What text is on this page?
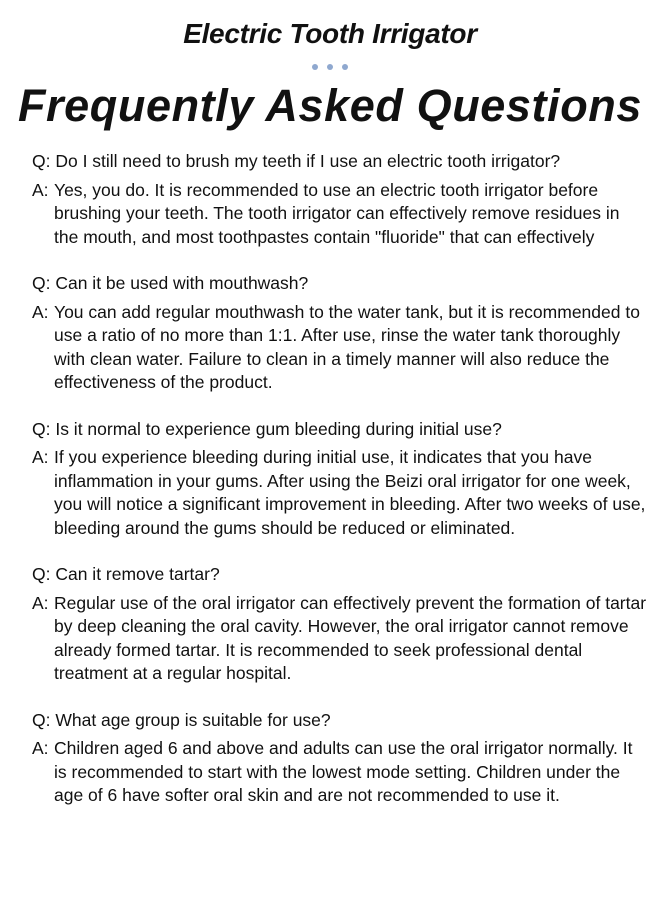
Electric Tooth Irrigator
Frequently Asked Questions

Q: Do I still need to brush my teeth if I use an electric tooth irrigator?

A: Yes, you do. It is recommended to use an electric tooth irrigator before brushing your teeth. The tooth irrigator can effectively remove residues in the mouth, and most toothpastes contain "fluoride" that can effectively

Q: Can it be used with mouthwash?

A: You can add regular mouthwash to the water tank, but it is recommended to use a ratio of no more than 1:1. After use, rinse the water tank thoroughly with clean water. Failure to clean in a timely manner will also reduce the effectiveness of the product.

Q: Is it normal to experience gum bleeding during initial use?

A: If you experience bleeding during initial use, it indicates that you have inflammation in your gums. After using the Beizi oral irrigator for one week, you will notice a significant improvement in bleeding. After two weeks of use, bleeding around the gums should be reduced or eliminated.

Q: Can it remove tartar?

A: Regular use of the oral irrigator can effectively prevent the formation of tartar by deep cleaning the oral cavity. However, the oral irrigator cannot remove already formed tartar. It is recommended to seek professional dental treatment at a regular hospital.

Q: What age group is suitable for use?

A: Children aged 6 and above and adults can use the oral irrigator normally. It is recommended to start with the lowest mode setting. Children under the age of 6 have softer oral skin and are not recommended to use it.
